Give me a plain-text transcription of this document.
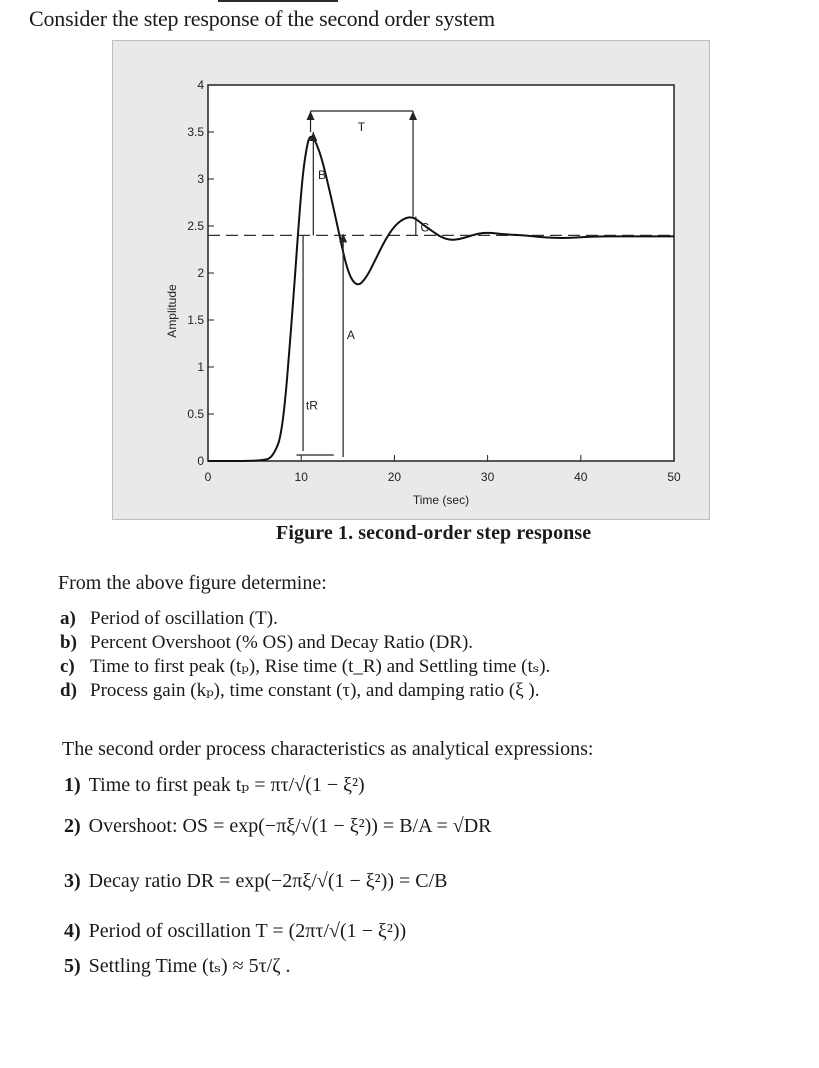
Consider the step response of the second order system
Amplitude
Time (sec)
0	10	20	30	40	50
0
0.5
1
1.5
2
2.5
3
3.5
4
T
B
A
C
tR
Figure 1. second-order step response
From the above figure determine:
a) Period of oscillation (T).
b) Percent Overshoot (% OS) and Decay Ratio (DR).
c) Time to first peak (tₚ), Rise time (t_R) and Settling time (tₛ).
d) Process gain (kₚ), time constant (τ), and damping ratio (ξ ).
The second order process characteristics as analytical expressions:
1) Time to first peak tₚ = πτ/√(1 − ξ²)
2) Overshoot: OS = exp(−πξ/√(1 − ξ²)) = B/A = √DR
3) Decay ratio DR = exp(−2πξ/√(1 − ξ²)) = C/B
4) Period of oscillation T = (2πτ/√(1 − ξ²))
5) Settling Time (tₛ) ≈ 5τ/ζ .
